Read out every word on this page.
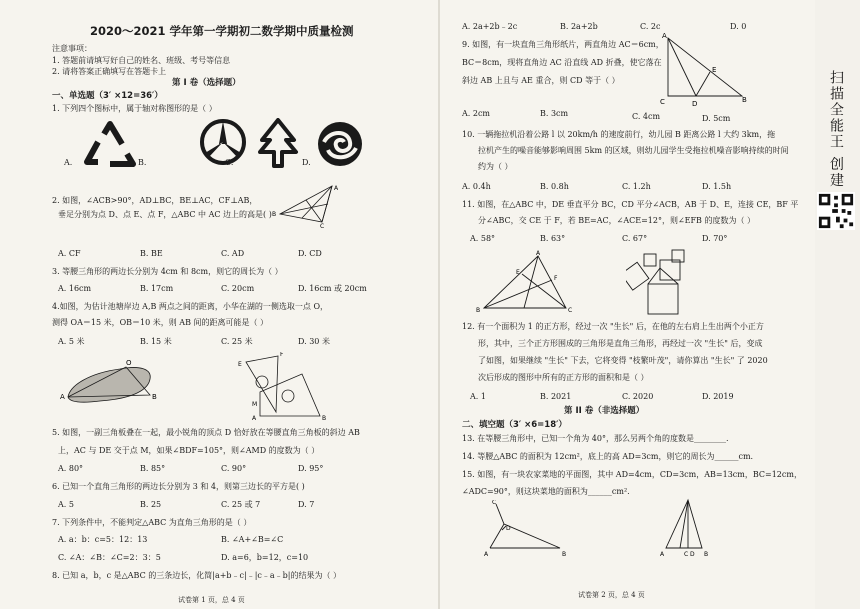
2020～2021 学年第一学期初二数学期中质量检测
注意事项：
1. 答题前请填写好自己的姓名、班级、考号等信息
2. 请将答案正确填写在答题卡上
第 I 卷（选择题）
一、单选题（3′ ×12=36′）
1. 下列四个图标中，属于轴对称图形的是（ ）
A.	B.	C.	D.
2. 如图，∠ACB>90°，AD⊥BC，BE⊥AC，CF⊥AB，
垂足分别为点 D、点 E、点 F，△ABC 中 AC 边上的高是( ) B
A
C
A. CF	B. BE	C. AD	D. CD
3. 等腰三角形的两边长分别为 4cm 和 8cm，则它的周长为（ ）
A. 16cm	B. 17cm	C. 20cm	D. 16cm 或 20cm
4.如图，为估计池塘岸边 A,B 两点之间的距离，小华在湖的一侧选取一点 O，
测得 OA＝15 米，OB＝10 米，则 AB 间的距离可能是（ ）
A. 5 米	B. 15 米	C. 25 米	D. 30 米
A	B
O	E
F
M
A	B
5. 如图，一副三角板叠在一起，最小锐角的顶点 D 恰好放在等腰直角三角板的斜边 AB
上，AC 与 DE 交于点 M，如果∠BDF=105°，则∠AMD 的度数为（ ）
A. 80°	B. 85°	C. 90°	D. 95°
6. 已知一个直角三角形的两边长分别为 3 和 4，则第三边长的平方是( )
A. 5	B. 25	C. 25 或 7	D. 7
7. 下列条件中，不能判定△ABC 为直角三角形的是（ ）
A. a：b：c=5：12：13	B. ∠A+∠B=∠C
C. ∠A：∠B：∠C=2：3：5	D. a=6，b=12，c=10
8. 已知 a，b，c 是△ABC 的三条边长，化简|a+b﹣c|﹣|c﹣a﹣b|的结果为（ ）
试卷第 1 页，总 4 页
A. 2a+2b﹣2c	B. 2a+2b	C. 2c	D. 0
9. 如图，有一块直角三角形纸片，两直角边 AC＝6cm，
BC＝8cm，现将直角边 AC 沿直线 AD 折叠，使它落在
斜边 AB 上且与 AE 重合，则 CD 等于（ ）
A
C	D
E
B
A. 2cm	B. 3cm	C. 4cm	D. 5cm
10. 一辆拖拉机沿着公路 l 以 20km/h 的速度前行，幼儿园 B 距离公路 l 大约 3km，拖
拉机产生的噪音能够影响周围 5km 的区域，则幼儿园学生受拖拉机噪音影响持续的时间
约为（ ）
A. 0.4h	B. 0.8h	C. 1.2h	D. 1.5h
11. 如图，在△ABC 中，DE 垂直平分 BC，CD 平分∠ACB，AB 于 D、E，连接 CE，BF 平
分∠ABC，交 CE 于 F，若 BE=AC，∠ACE=12°，则∠EFB 的度数为（ ）
A. 58°	B. 63°	C. 67°	D. 70°
B
A
C
F
E
12. 有一个面积为 1 的正方形，经过一次 "生长" 后，在他的左右肩上生出两个小正方
形，其中，三个正方形围成的三角形是直角三角形，再经过一次 "生长" 后，变成
了如图，如果继续 "生长" 下去，它将变得 "枝繁叶茂"，请你算出 "生长" 了 2020
次后形成的图形中所有的正方形的面积和是（ ）
A. 1	B. 2021	C. 2020	D. 2019
第 II 卷（非选择题）
二、填空题（3′ ×6=18′）
13. 在等腰三角形中，已知一个角为 40°，那么另两个角的度数是________.
14. 等腰△ABC 的面积为 12cm²，底上的高 AD=3cm，则它的周长为______cm.
15. 如图，有一块农家菜地的平面图，其中 AD=4cm，CD=3cm，AB=13cm，BC=12cm，
∠ADC=90°，则这块菜地的面积为______cm².
C
D
A	B	A	C D B
试卷第 2 页，总 4 页
扫描全能王 创建
